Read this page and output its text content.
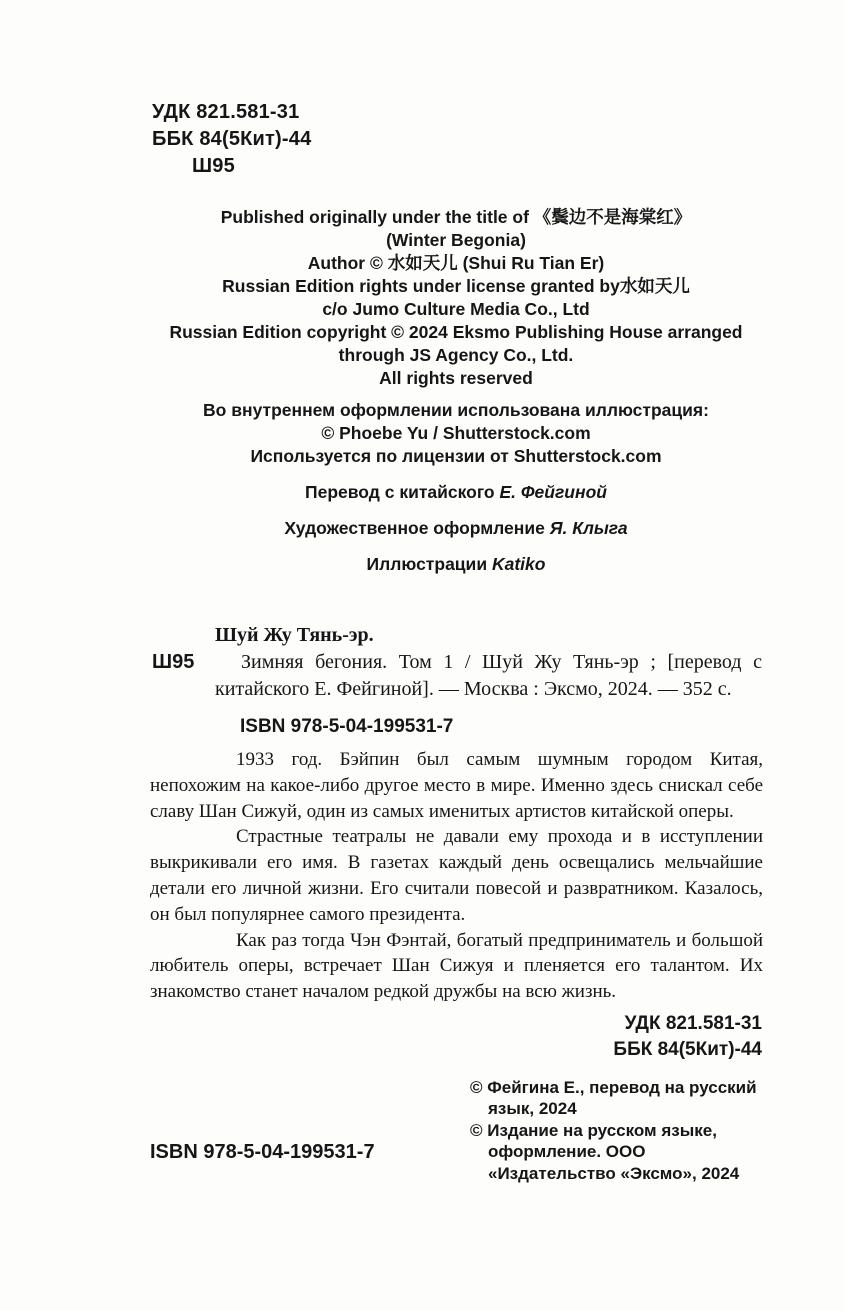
УДК 821.581-31
ББК 84(5Кит)-44
Ш95
Published originally under the title of 《鬓边不是海棠红》
(Winter Begonia)
Author © 水如天儿 (Shui Ru Tian Er)
Russian Edition rights under license granted by水如天儿
c/o Jumo Culture Media Co., Ltd
Russian Edition copyright © 2024 Eksmo Publishing House arranged
through JS Agency Co., Ltd.
All rights reserved
Во внутреннем оформлении использована иллюстрация:
© Phoebe Yu / Shutterstock.com
Используется по лицензии от Shutterstock.com
Перевод с китайского Е. Фейгиной
Художественное оформление Я. Клыга
Иллюстрации Katiko
Шуй Жу Тянь-эр.
Ш95	Зимняя бегония. Том 1 / Шуй Жу Тянь-эр ; [перевод с китайского Е. Фейгиной]. — Москва : Эксмо, 2024. — 352 с.

ISBN 978-5-04-199531-7

1933 год. Бэйпин был самым шумным городом Китая, непохожим на какое-либо другое место в мире. Именно здесь снискал себе славу Шан Сижуй, один из самых именитых артистов китайской оперы.

Страстные театралы не давали ему прохода и в исступлении выкрикивали его имя. В газетах каждый день освещались мельчайшие детали его личной жизни. Его считали повесой и развратником. Казалось, он был популярнее самого президента.

Как раз тогда Чэн Фэнтай, богатый предприниматель и большой любитель оперы, встречает Шан Сижуя и пленяется его талантом. Их знакомство станет началом редкой дружбы на всю жизнь.

УДК 821.581-31
ББК 84(5Кит)-44
ISBN 978-5-04-199531-7

© Фейгина Е., перевод на русский язык, 2024

© Издание на русском языке, оформление. ООО «Издательство «Эксмо», 2024
